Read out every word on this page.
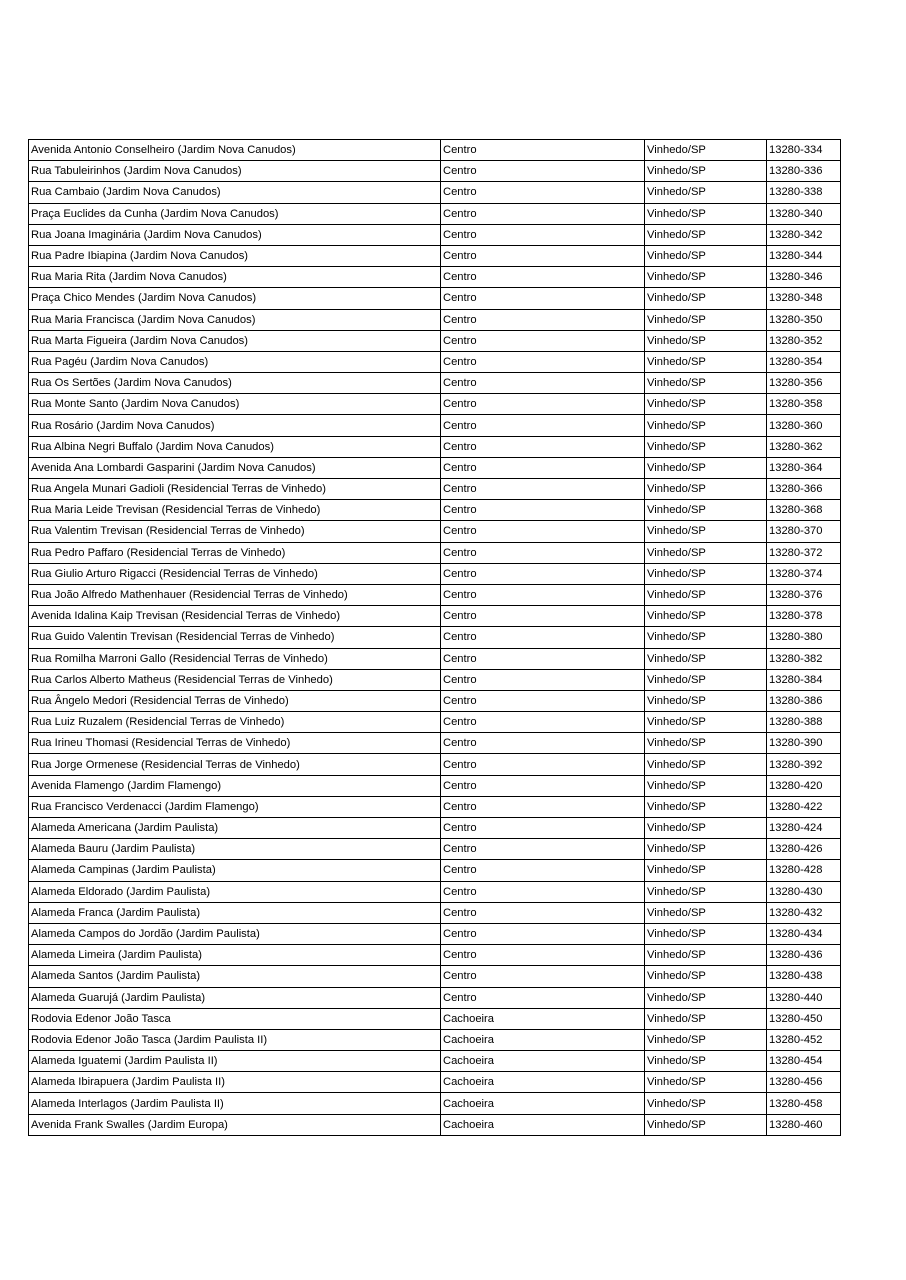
Avenida Antonio Conselheiro (Jardim Nova Canudos)	Centro	Vinhedo/SP	13280-334
Rua Tabuleirinhos (Jardim Nova Canudos)	Centro	Vinhedo/SP	13280-336
Rua Cambaio (Jardim Nova Canudos)	Centro	Vinhedo/SP	13280-338
Praça Euclides da Cunha (Jardim Nova Canudos)	Centro	Vinhedo/SP	13280-340
Rua Joana Imaginária (Jardim Nova Canudos)	Centro	Vinhedo/SP	13280-342
Rua Padre Ibiapina (Jardim Nova Canudos)	Centro	Vinhedo/SP	13280-344
Rua Maria Rita (Jardim Nova Canudos)	Centro	Vinhedo/SP	13280-346
Praça Chico Mendes (Jardim Nova Canudos)	Centro	Vinhedo/SP	13280-348
Rua Maria Francisca (Jardim Nova Canudos)	Centro	Vinhedo/SP	13280-350
Rua Marta Figueira (Jardim Nova Canudos)	Centro	Vinhedo/SP	13280-352
Rua Pagéu (Jardim Nova Canudos)	Centro	Vinhedo/SP	13280-354
Rua Os Sertões (Jardim Nova Canudos)	Centro	Vinhedo/SP	13280-356
Rua Monte Santo (Jardim Nova Canudos)	Centro	Vinhedo/SP	13280-358
Rua Rosário (Jardim Nova Canudos)	Centro	Vinhedo/SP	13280-360
Rua Albina Negri Buffalo (Jardim Nova Canudos)	Centro	Vinhedo/SP	13280-362
Avenida Ana Lombardi Gasparini (Jardim Nova Canudos)	Centro	Vinhedo/SP	13280-364
Rua Angela Munari Gadioli (Residencial Terras de Vinhedo)	Centro	Vinhedo/SP	13280-366
Rua Maria Leide Trevisan (Residencial Terras de Vinhedo)	Centro	Vinhedo/SP	13280-368
Rua Valentim Trevisan (Residencial Terras de Vinhedo)	Centro	Vinhedo/SP	13280-370
Rua Pedro Paffaro (Residencial Terras de Vinhedo)	Centro	Vinhedo/SP	13280-372
Rua Giulio Arturo Rigacci (Residencial Terras de Vinhedo)	Centro	Vinhedo/SP	13280-374
Rua João Alfredo Mathenhauer (Residencial Terras de Vinhedo)	Centro	Vinhedo/SP	13280-376
Avenida Idalina Kaip Trevisan (Residencial Terras de Vinhedo)	Centro	Vinhedo/SP	13280-378
Rua Guido Valentin Trevisan (Residencial Terras de Vinhedo)	Centro	Vinhedo/SP	13280-380
Rua Romilha Marroni Gallo (Residencial Terras de Vinhedo)	Centro	Vinhedo/SP	13280-382
Rua Carlos Alberto Matheus (Residencial Terras de Vinhedo)	Centro	Vinhedo/SP	13280-384
Rua Ângelo Medori (Residencial Terras de Vinhedo)	Centro	Vinhedo/SP	13280-386
Rua Luiz Ruzalem (Residencial Terras de Vinhedo)	Centro	Vinhedo/SP	13280-388
Rua Irineu Thomasi (Residencial Terras de Vinhedo)	Centro	Vinhedo/SP	13280-390
Rua Jorge Ormenese (Residencial Terras de Vinhedo)	Centro	Vinhedo/SP	13280-392
Avenida Flamengo (Jardim Flamengo)	Centro	Vinhedo/SP	13280-420
Rua Francisco Verdenacci (Jardim Flamengo)	Centro	Vinhedo/SP	13280-422
Alameda Americana (Jardim Paulista)	Centro	Vinhedo/SP	13280-424
Alameda Bauru (Jardim Paulista)	Centro	Vinhedo/SP	13280-426
Alameda Campinas (Jardim Paulista)	Centro	Vinhedo/SP	13280-428
Alameda Eldorado (Jardim Paulista)	Centro	Vinhedo/SP	13280-430
Alameda Franca (Jardim Paulista)	Centro	Vinhedo/SP	13280-432
Alameda Campos do Jordão (Jardim Paulista)	Centro	Vinhedo/SP	13280-434
Alameda Limeira (Jardim Paulista)	Centro	Vinhedo/SP	13280-436
Alameda Santos (Jardim Paulista)	Centro	Vinhedo/SP	13280-438
Alameda Guarujá (Jardim Paulista)	Centro	Vinhedo/SP	13280-440
Rodovia Edenor João Tasca	Cachoeira	Vinhedo/SP	13280-450
Rodovia Edenor João Tasca (Jardim Paulista II)	Cachoeira	Vinhedo/SP	13280-452
Alameda Iguatemi (Jardim Paulista II)	Cachoeira	Vinhedo/SP	13280-454
Alameda Ibirapuera (Jardim Paulista II)	Cachoeira	Vinhedo/SP	13280-456
Alameda Interlagos (Jardim Paulista II)	Cachoeira	Vinhedo/SP	13280-458
Avenida Frank Swalles (Jardim Europa)	Cachoeira	Vinhedo/SP	13280-460
